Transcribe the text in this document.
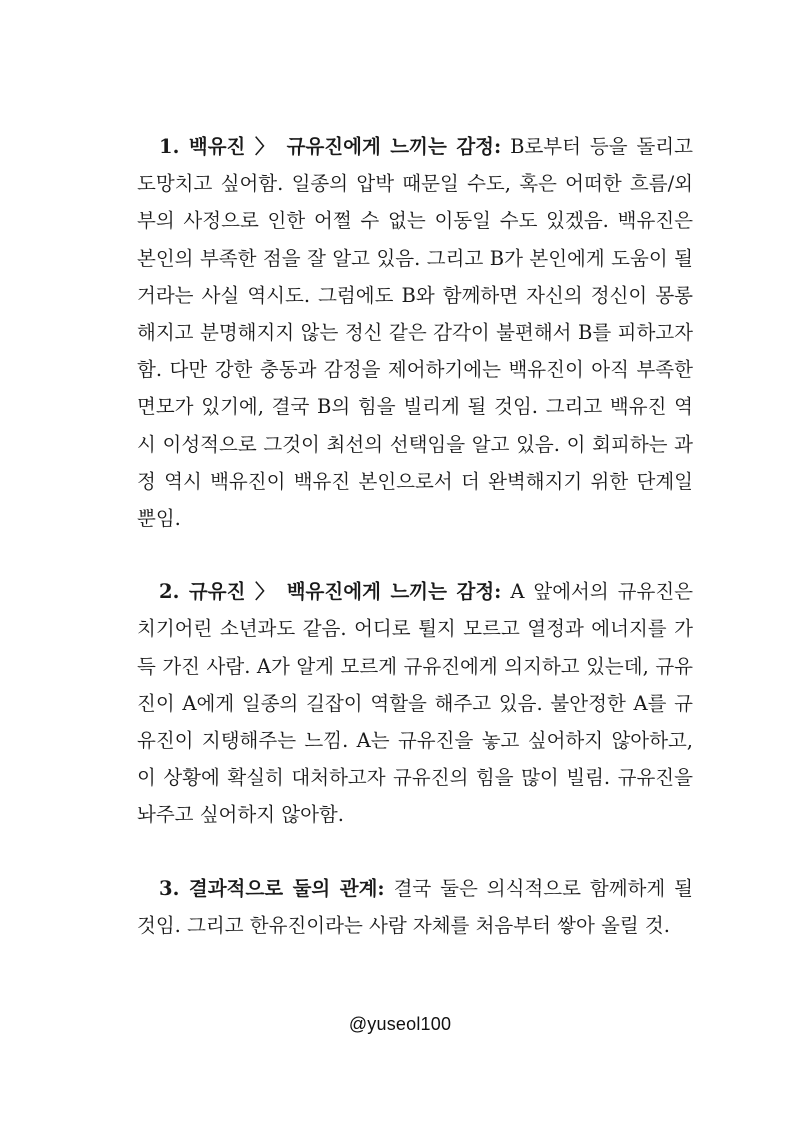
1. 백유진 〉 규유진에게 느끼는 감정: B로부터 등을 돌리고 도망치고 싶어함. 일종의 압박 때문일 수도, 혹은 어떠한 흐름/외부의 사정으로 인한 어쩔 수 없는 이동일 수도 있겠음. 백유진은 본인의 부족한 점을 잘 알고 있음. 그리고 B가 본인에게 도움이 될 거라는 사실 역시도. 그럼에도 B와 함께하면 자신의 정신이 몽롱해지고 분명해지지 않는 정신 같은 감각이 불편해서 B를 피하고자 함. 다만 강한 충동과 감정을 제어하기에는 백유진이 아직 부족한 면모가 있기에, 결국 B의 힘을 빌리게 될 것임. 그리고 백유진 역시 이성적으로 그것이 최선의 선택임을 알고 있음. 이 회피하는 과정 역시 백유진이 백유진 본인으로서 더 완벽해지기 위한 단계일 뿐임.

2. 규유진 〉 백유진에게 느끼는 감정: A 앞에서의 규유진은 치기어린 소년과도 같음. 어디로 튈지 모르고 열정과 에너지를 가득 가진 사람. A가 알게 모르게 규유진에게 의지하고 있는데, 규유진이 A에게 일종의 길잡이 역할을 해주고 있음. 불안정한 A를 규유진이 지탱해주는 느낌. A는 규유진을 놓고 싶어하지 않아하고, 이 상황에 확실히 대처하고자 규유진의 힘을 많이 빌림. 규유진을 놔주고 싶어하지 않아함.

3. 결과적으로 둘의 관계: 결국 둘은 의식적으로 함께하게 될 것임. 그리고 한유진이라는 사람 자체를 처음부터 쌓아 올릴 것.

@yuseol100
